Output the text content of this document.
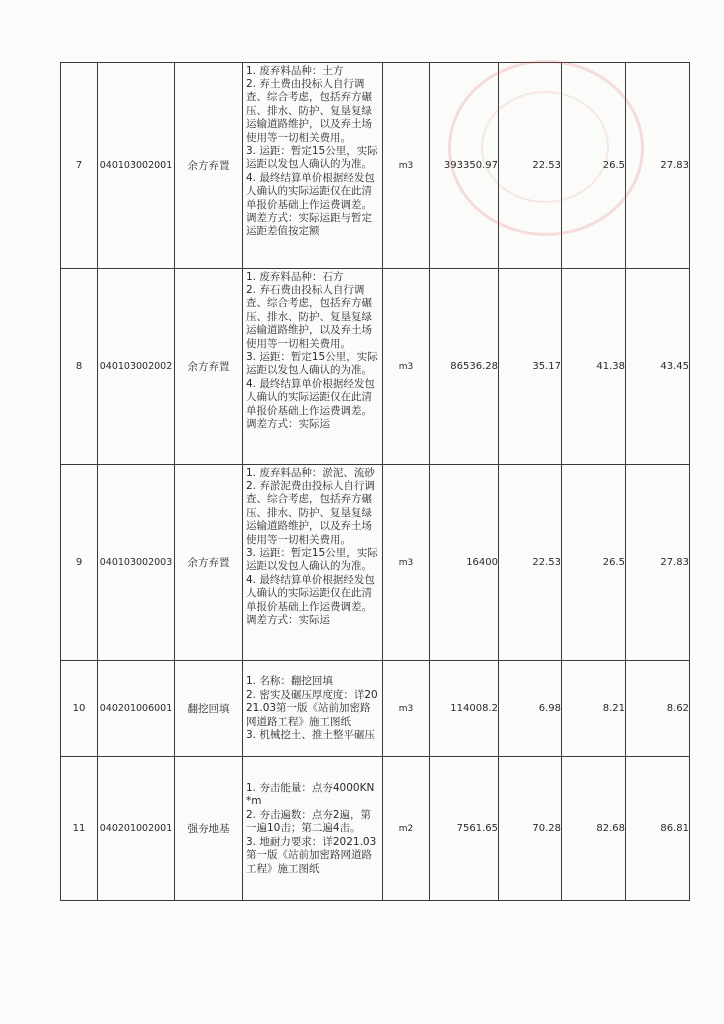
7	040103002001	余方弃置	1. 废弃料品种：土方
2. 弃土费由投标人自行调查、综合考虑，包括弃方碾压、排水、防护、复垦复绿运输道路维护，以及弃土场使用等一切相关费用。
3. 运距：暂定15公里，实际运距以发包人确认的为准。
4. 最终结算单价根据经发包人确认的实际运距仅在此清单报价基础上作运费调差。调差方式：实际运距与暂定运距差值按定额	m3	393350.97	22.53	26.5	27.83
8	040103002002	余方弃置	1. 废弃料品种：石方
2. 弃石费由投标人自行调查、综合考虑，包括弃方碾压、排水、防护、复垦复绿运输道路维护，以及弃土场使用等一切相关费用。
3. 运距：暂定15公里，实际运距以发包人确认的为准。
4. 最终结算单价根据经发包人确认的实际运距仅在此清单报价基础上作运费调差。调差方式：实际运	m3	86536.28	35.17	41.38	43.45
9	040103002003	余方弃置	1. 废弃料品种：淤泥、流砂
2. 弃淤泥费由投标人自行调查、综合考虑，包括弃方碾压、排水、防护、复垦复绿运输道路维护，以及弃土场使用等一切相关费用。
3. 运距：暂定15公里，实际运距以发包人确认的为准。
4. 最终结算单价根据经发包人确认的实际运距仅在此清单报价基础上作运费调差。调差方式：实际运	m3	16400	22.53	26.5	27.83
10	040201006001	翻挖回填	1. 名称：翻挖回填
2. 密实及碾压厚度度：详2021.03第一版《站前加密路网道路工程》施工图纸
3. 机械挖土、推土整平碾压	m3	114008.2	6.98	8.21	8.62
11	040201002001	强夯地基	1. 夯击能量：点夯4000KN*m
2. 夯击遍数：点夯2遍，第一遍10击；第二遍4击。
3. 地耐力要求：详2021.03第一版《站前加密路网道路工程》施工图纸	m2	7561.65	70.28	82.68	86.81
